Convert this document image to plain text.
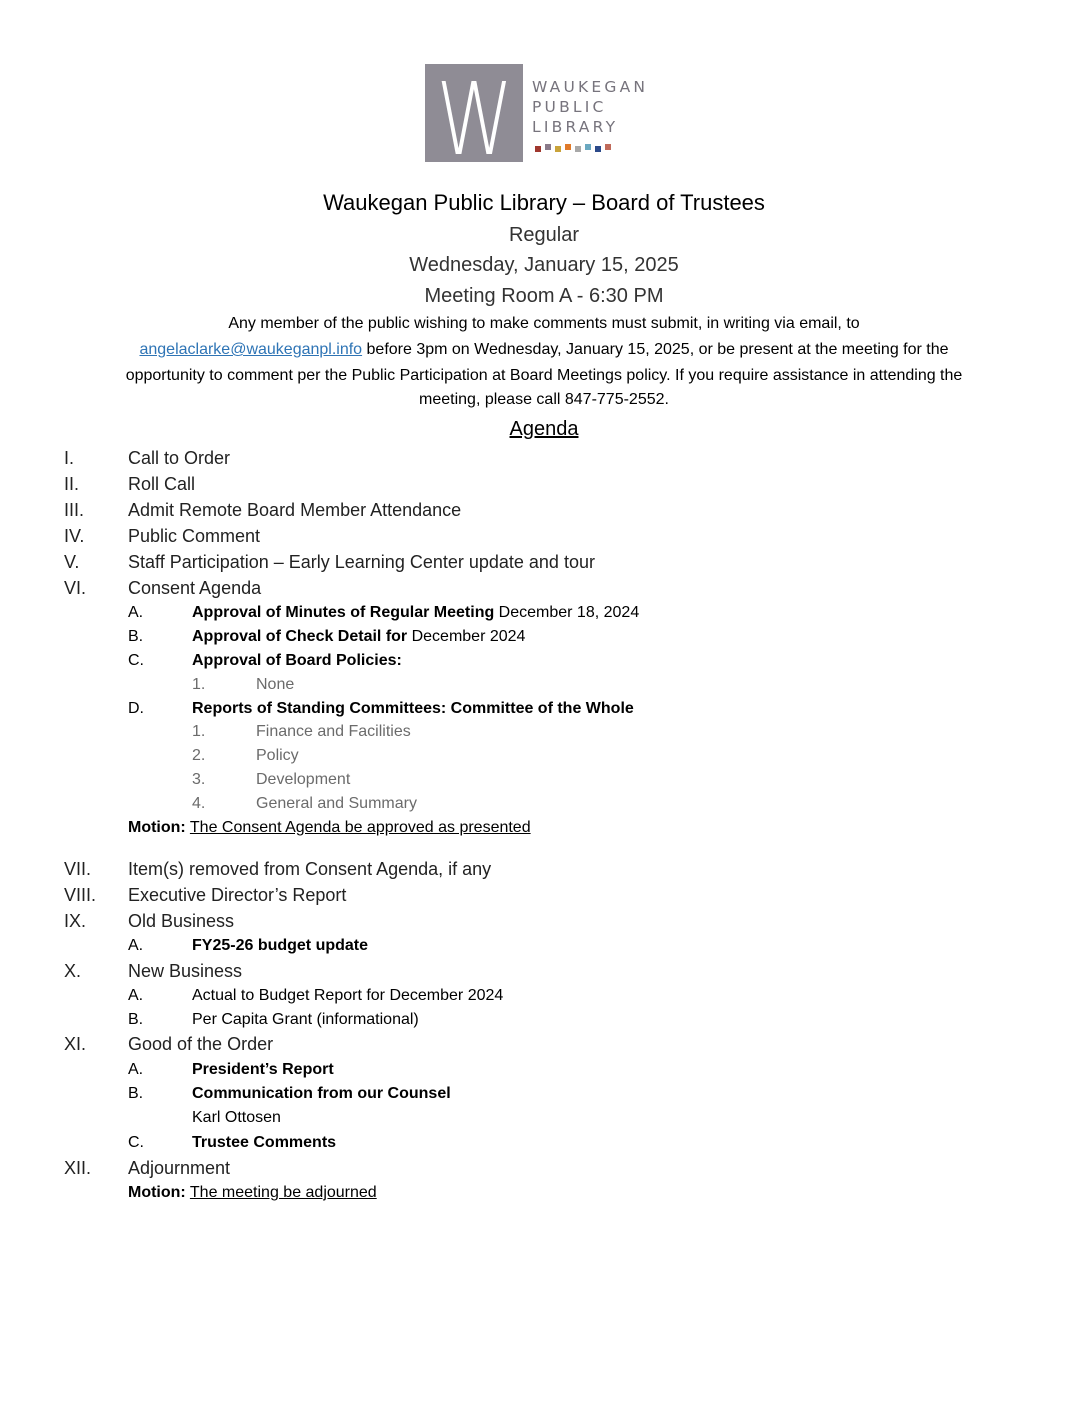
W WAUKEGAN
PUBLIC
LIBRARY
Waukegan Public Library – Board of Trustees
Regular
Wednesday, January 15, 2025
Meeting Room A - 6:30 PM
Any member of the public wishing to make comments must submit, in writing via email, to
angelaclarke@waukeganpl.info before 3pm on Wednesday, January 15, 2025, or be present at the meeting for the
opportunity to comment per the Public Participation at Board Meetings policy. If you require assistance in attending the
meeting, please call 847-775-2552.
Agenda
I.	Call to Order
II.	Roll Call
III. Admit Remote Board Member Attendance
IV. Public Comment
V.	Staff Participation – Early Learning Center update and tour
VI. Consent Agenda
A.	Approval of Minutes of Regular Meeting December 18, 2024
B.	Approval of Check Detail for December 2024
C.	Approval of Board Policies:
1.	None
D.	Reports of Standing Committees: Committee of the Whole
1.	Finance and Facilities
2.	Policy
3.	Development
4.	General and Summary
Motion: The Consent Agenda be approved as presented
VII. Item(s) removed from Consent Agenda, if any
VIII. Executive Director’s Report
IX. Old Business
A.	FY25-26 budget update
X.	New Business
A.	Actual to Budget Report for December 2024
B.	Per Capita Grant (informational)
XI. Good of the Order
A.	President’s Report
B.	Communication from our Counsel
Karl Ottosen
C.	Trustee Comments
XII. Adjournment
Motion: The meeting be adjourned
